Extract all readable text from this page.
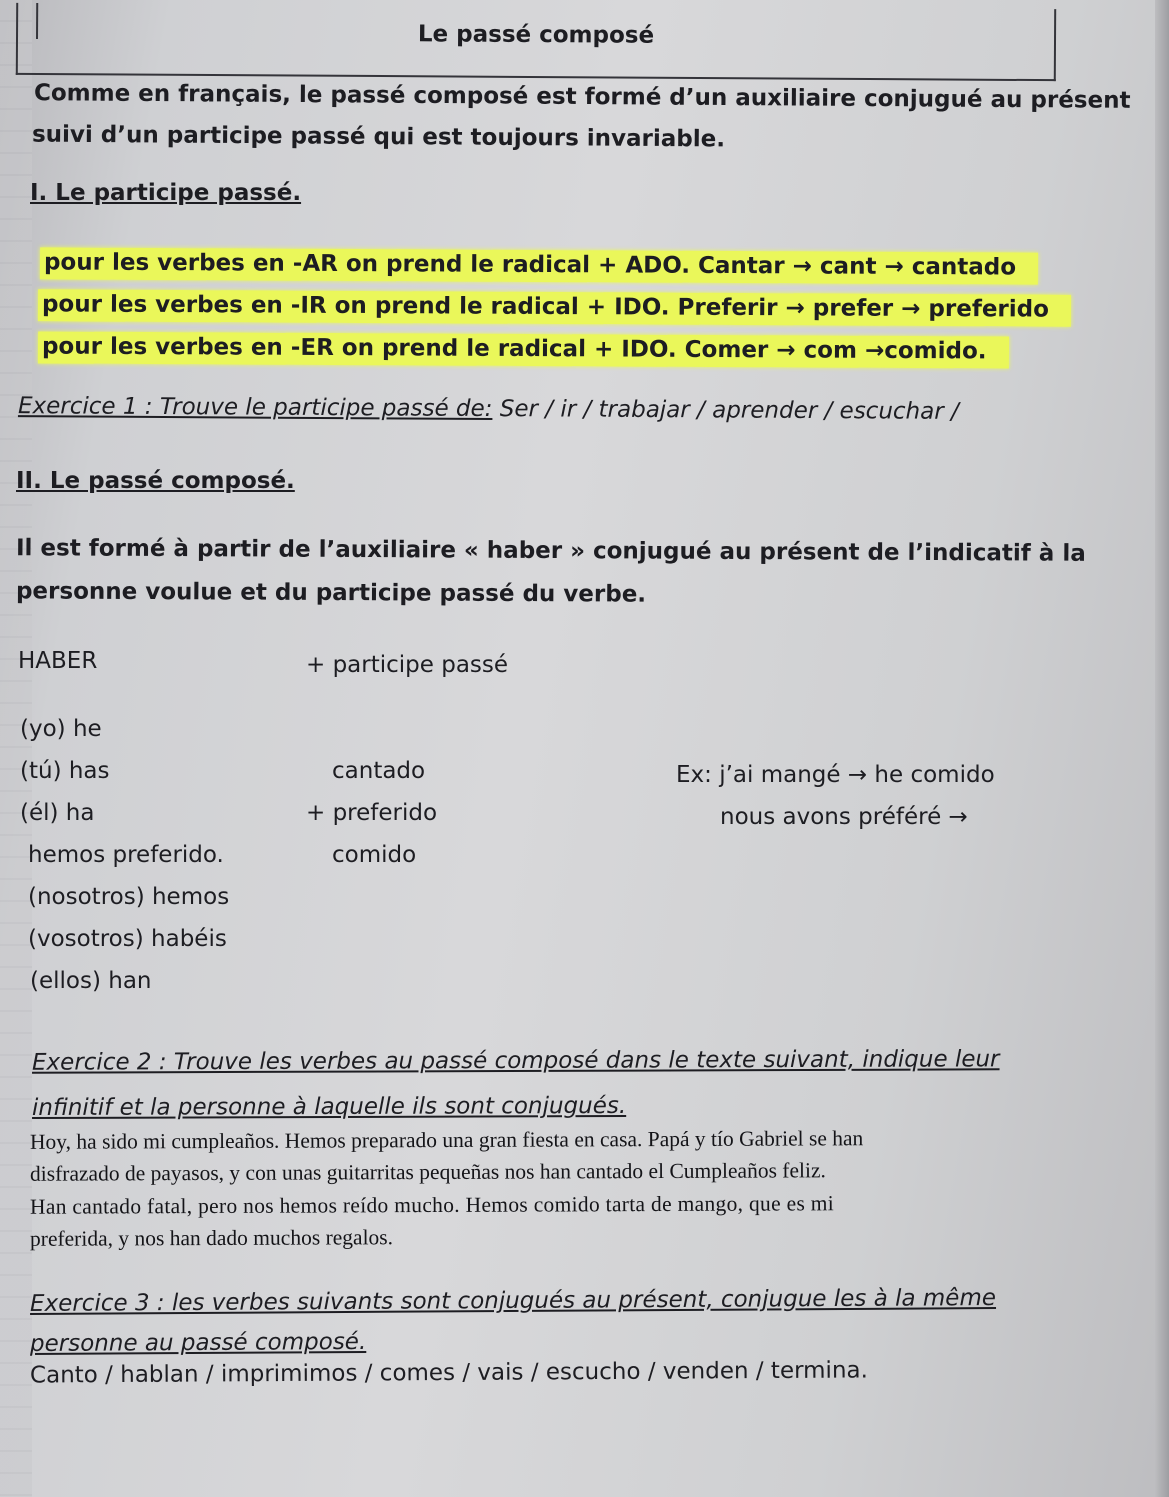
Le passé composé
Comme en français, le passé composé est formé d’un auxiliaire conjugué au présent
suivi d’un participe passé qui est toujours invariable.
I. Le participe passé.
pour les verbes en -AR on prend le radical + ADO. Cantar → cant → cantado
pour les verbes en -IR on prend le radical + IDO. Preferir → prefer → preferido
pour les verbes en -ER on prend le radical + IDO. Comer → com →comido.
Exercice 1 : Trouve le participe passé de: Ser / ir / trabajar / aprender / escuchar /
II. Le passé composé.
Il est formé à partir de l’auxiliaire « haber » conjugué au présent de l’indicatif à la
personne voulue et du participe passé du verbe.
HABER	+ participe passé
(yo) he
(tú) has
(él) ha
hemos preferido.
(nosotros) hemos
(vosotros) habéis
(ellos) han
cantado
+ preferido
comido
Ex: j’ai mangé → he comido
nous avons préféré →
Exercice 2 : Trouve les verbes au passé composé dans le texte suivant, indique leur
infinitif et la personne à laquelle ils sont conjugués.
Hoy, ha sido mi cumpleaños. Hemos preparado una gran fiesta en casa. Papá y tío Gabriel se han
disfrazado de payasos, y con unas guitarritas pequeñas nos han cantado el Cumpleaños feliz.
Han cantado fatal, pero nos hemos reído mucho. Hemos comido tarta de mango, que es mi
preferida, y nos han dado muchos regalos.
Exercice 3 : les verbes suivants sont conjugués au présent, conjugue les à la même
personne au passé composé.
Canto / hablan / imprimimos / comes / vais / escucho / venden / termina.
